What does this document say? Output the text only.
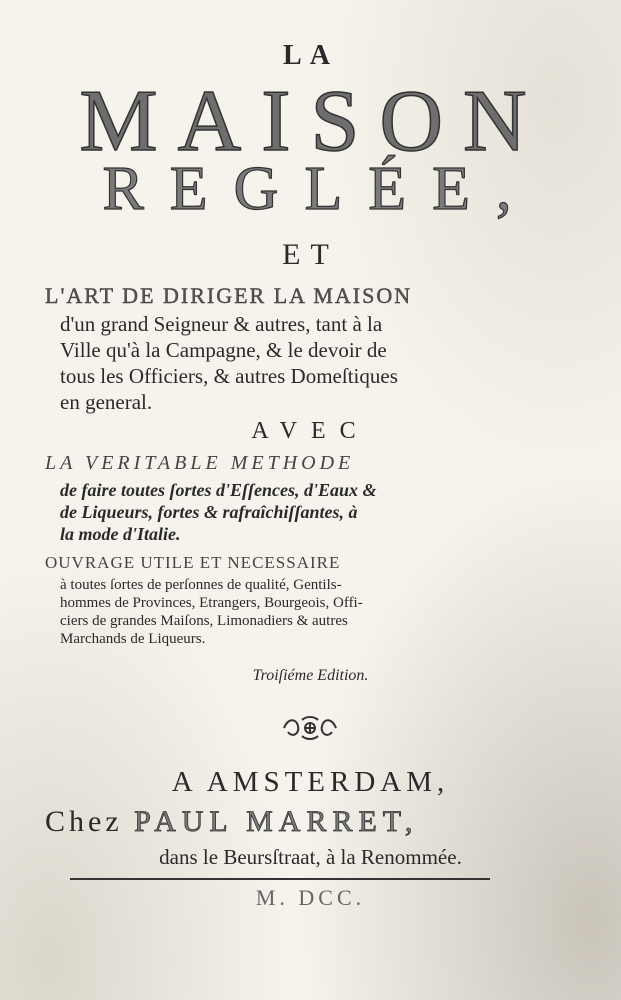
LA
MAISON
REGLÉE,
ET
L'ART DE DIRIGER LA MAISON
d'un grand Seigneur & autres, tant à la
Ville qu'à la Campagne, & le devoir de
tous les Officiers, & autres Domeſtiques
en general.
AVEC
LA VERITABLE METHODE
de faire toutes ſortes d'Eſſences, d'Eaux &
de Liqueurs, fortes & rafraîchiſſantes, à
la mode d'Italie.
OUVRAGE UTILE ET NECESSAIRE
à toutes ſortes de perſonnes de qualité, Gentils-
hommes de Provinces, Etrangers, Bourgeois, Offi-
ciers de grandes Maiſons, Limonadiers & autres
Marchands de Liqueurs.
Troiſiéme Edition.
A AMSTERDAM,
Chez PAUL MARRET,
dans le Beursſtraat, à la Renommée.
M. DCC.
